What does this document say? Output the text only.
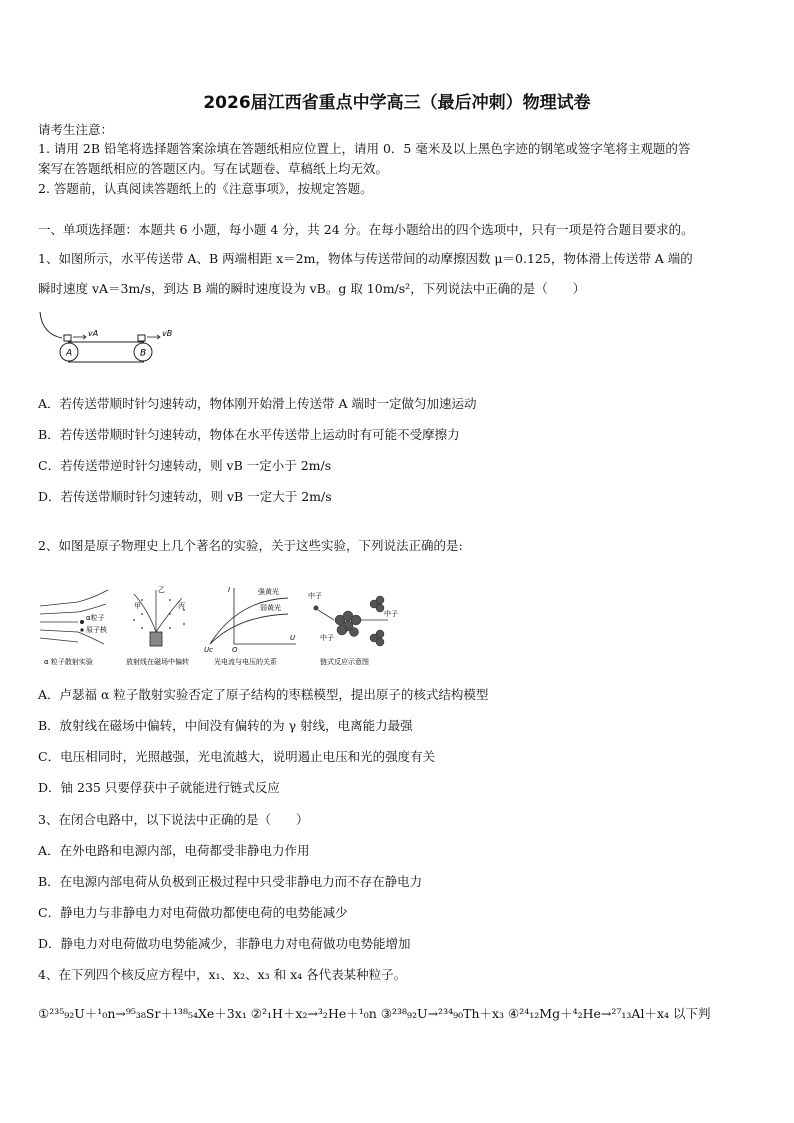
2026届江西省重点中学高三（最后冲刺）物理试卷
请考生注意：
1. 请用 2B 铅笔将选择题答案涂填在答题纸相应位置上，请用 0．5 毫米及以上黑色字迹的钢笔或签字笔将主观题的答
案写在答题纸相应的答题区内。写在试题卷、草稿纸上均无效。
2. 答题前，认真阅读答题纸上的《注意事项》，按规定答题。
一、单项选择题：本题共 6 小题，每小题 4 分，共 24 分。在每小题给出的四个选项中，只有一项是符合题目要求的。
1、如图所示，水平传送带 A、B 两端相距 x＝2m，物体与传送带间的动摩擦因数 μ＝0.125，物体滑上传送带 A 端的
瞬时速度 vA＝3m/s，到达 B 端的瞬时速度设为 vB。g 取 10m/s²，下列说法中正确的是（　　）
vA	vB
A	B
A．若传送带顺时针匀速转动，物体刚开始滑上传送带 A 端时一定做匀加速运动
B．若传送带顺时针匀速转动，物体在水平传送带上运动时有可能不受摩擦力
C．若传送带逆时针匀速转动，则 vB 一定小于 2m/s
D．若传送带顺时针匀速转动，则 vB 一定大于 2m/s
2、如图是原子物理史上几个著名的实验，关于这些实验，下列说法正确的是:
α粒子
原子核
α 粒子散射实验
甲
乙
丙
放射线在磁场中偏转
强黄光
弱黄光
I
U
O
Uc
光电流与电压的关系
中子
中子
中子
链式反应示意图
A．卢瑟福 α 粒子散射实验否定了原子结构的枣糕模型，提出原子的核式结构模型
B．放射线在磁场中偏转，中间没有偏转的为 γ 射线，电离能力最强
C．电压相同时，光照越强，光电流越大，说明遏止电压和光的强度有关
D．铀 235 只要俘获中子就能进行链式反应
3、在闭合电路中，以下说法中正确的是（　　）
A．在外电路和电源内部，电荷都受非静电力作用
B．在电源内部电荷从负极到正极过程中只受非静电力而不存在静电力
C．静电力与非静电力对电荷做功都使电荷的电势能减少
D．静电力对电荷做功电势能减少，非静电力对电荷做功电势能增加
4、在下列四个核反应方程中，x₁、x₂、x₃ 和 x₄ 各代表某种粒子。
①²³⁵₉₂U＋¹₀n→⁹⁵₃₈Sr＋¹³⁸₅₄Xe＋3x₁ ②²₁H＋x₂→³₂He＋¹₀n ③²³⁸₉₂U→²³⁴₉₀Th＋x₃ ④²⁴₁₂Mg＋⁴₂He→²⁷₁₃Al＋x₄ 以下判
